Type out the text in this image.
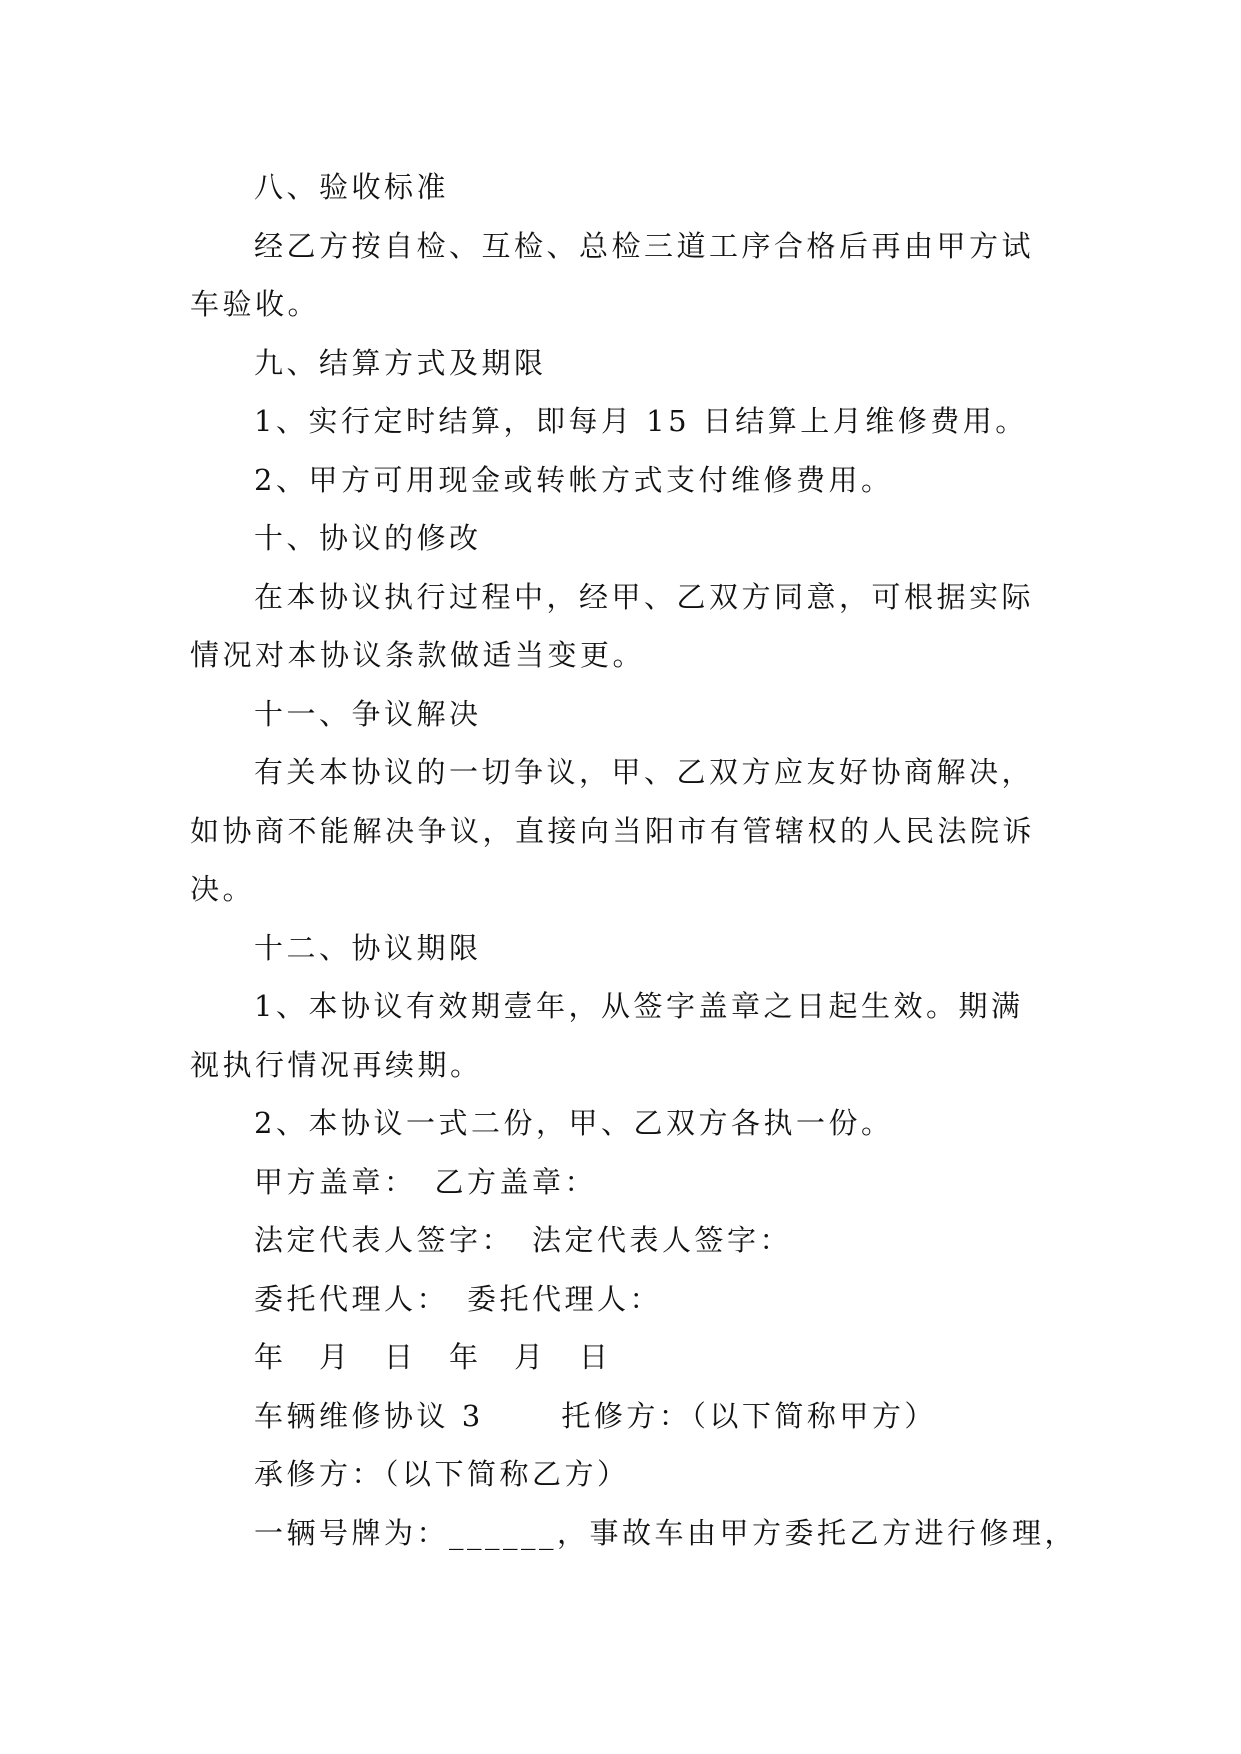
八、验收标准

经乙方按自检、互检、总检三道工序合格后再由甲方试车验收。

九、结算方式及期限

1、实行定时结算，即每月 15 日结算上月维修费用。

2、甲方可用现金或转帐方式支付维修费用。

十、协议的修改

在本协议执行过程中，经甲、乙双方同意，可根据实际情况对本协议条款做适当变更。

十一、争议解决

有关本协议的一切争议，甲、乙双方应友好协商解决，如协商不能解决争议，直接向当阳市有管辖权的人民法院诉决。

十二、协议期限

1、本协议有效期壹年，从签字盖章之日起生效。期满视执行情况再续期。

2、本协议一式二份，甲、乙双方各执一份。

甲方盖章：　乙方盖章：

法定代表人签字：　法定代表人签字：

委托代理人：　委托代理人：

年　月　日　年　月　日

车辆维修协议 3　　 托修方：（以下简称甲方）

承修方：（以下简称乙方）

一辆号牌为：______，事故车由甲方委托乙方进行修理，
